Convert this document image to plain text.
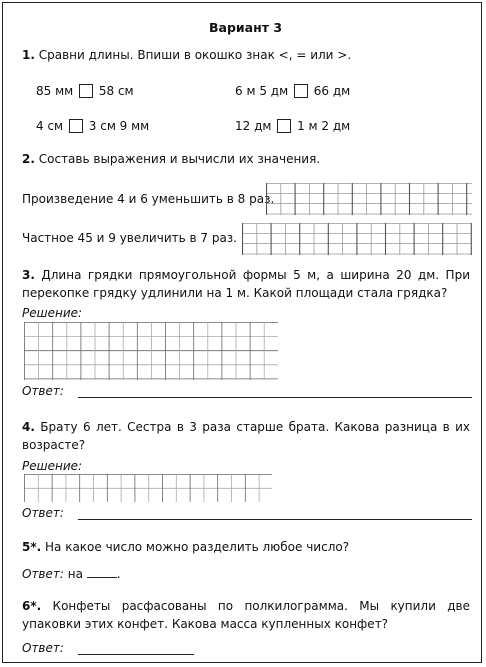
Вариант 3
1. Сравни длины. Впиши в окошко знак <, = или >.
85 мм 58 см	6 м 5 дм 66 дм
4 см 3 см 9 мм	12 дм 1 м 2 дм
2. Составь выражения и вычисли их значения.
Произведение 4 и 6 уменьшить в 8 раз.
Частное 45 и 9 увеличить в 7 раз.
3. Длина грядки прямоугольной формы 5 м, а ширина 20 дм. При перекопке грядку удлинили на 1 м. Какой площади стала грядка?
Решение:
Ответ:
4. Брату 6 лет. Сестра в 3 раза старше брата. Какова разница в их возрасте?
Решение:
Ответ:
5*. На какое число можно разделить любое число?
Ответ: на	.
6*. Конфеты расфасованы по полкилограмма. Мы купили две упаковки этих конфет. Какова масса купленных конфет?
Ответ:
